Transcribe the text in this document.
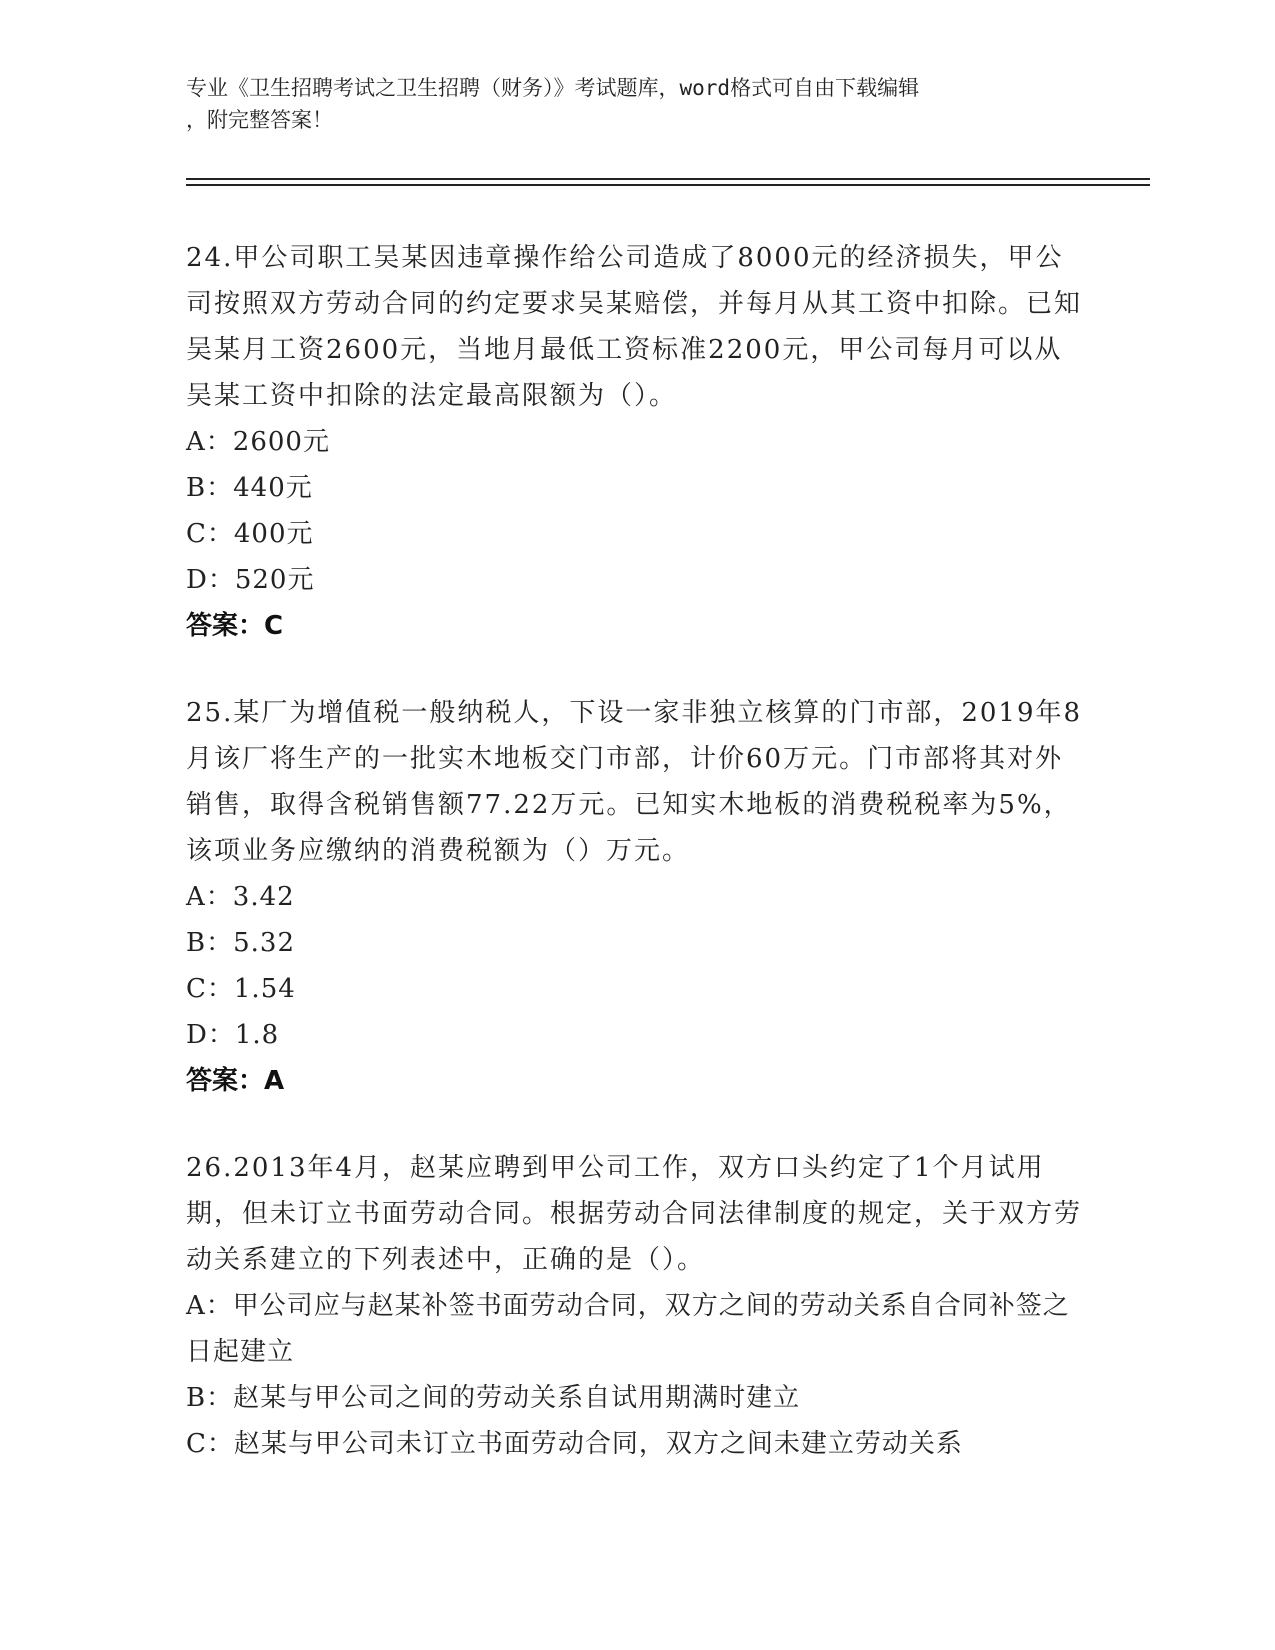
专业《卫生招聘考试之卫生招聘（财务）》考试题库，word格式可自由下载编辑
，附完整答案！

24.甲公司职工吴某因违章操作给公司造成了8000元的经济损失，甲公司按照双方劳动合同的约定要求吴某赔偿，并每月从其工资中扣除。已知吴某月工资2600元，当地月最低工资标准2200元，甲公司每月可以从吴某工资中扣除的法定最高限额为（）。

A：2600元

B：440元

C：400元

D：520元

答案：C

25.某厂为增值税一般纳税人，下设一家非独立核算的门市部，2019年8月该厂将生产的一批实木地板交门市部，计价60万元。门市部将其对外销售，取得含税销售额77.22万元。已知实木地板的消费税税率为5%，该项业务应缴纳的消费税额为（）万元。

A：3.42

B：5.32

C：1.54

D：1.8

答案：A

26.2013年4月，赵某应聘到甲公司工作，双方口头约定了1个月试用期，但未订立书面劳动合同。根据劳动合同法律制度的规定，关于双方劳动关系建立的下列表述中，正确的是（）。

A：甲公司应与赵某补签书面劳动合同，双方之间的劳动关系自合同补签之日起建立

B：赵某与甲公司之间的劳动关系自试用期满时建立

C：赵某与甲公司未订立书面劳动合同，双方之间未建立劳动关系
